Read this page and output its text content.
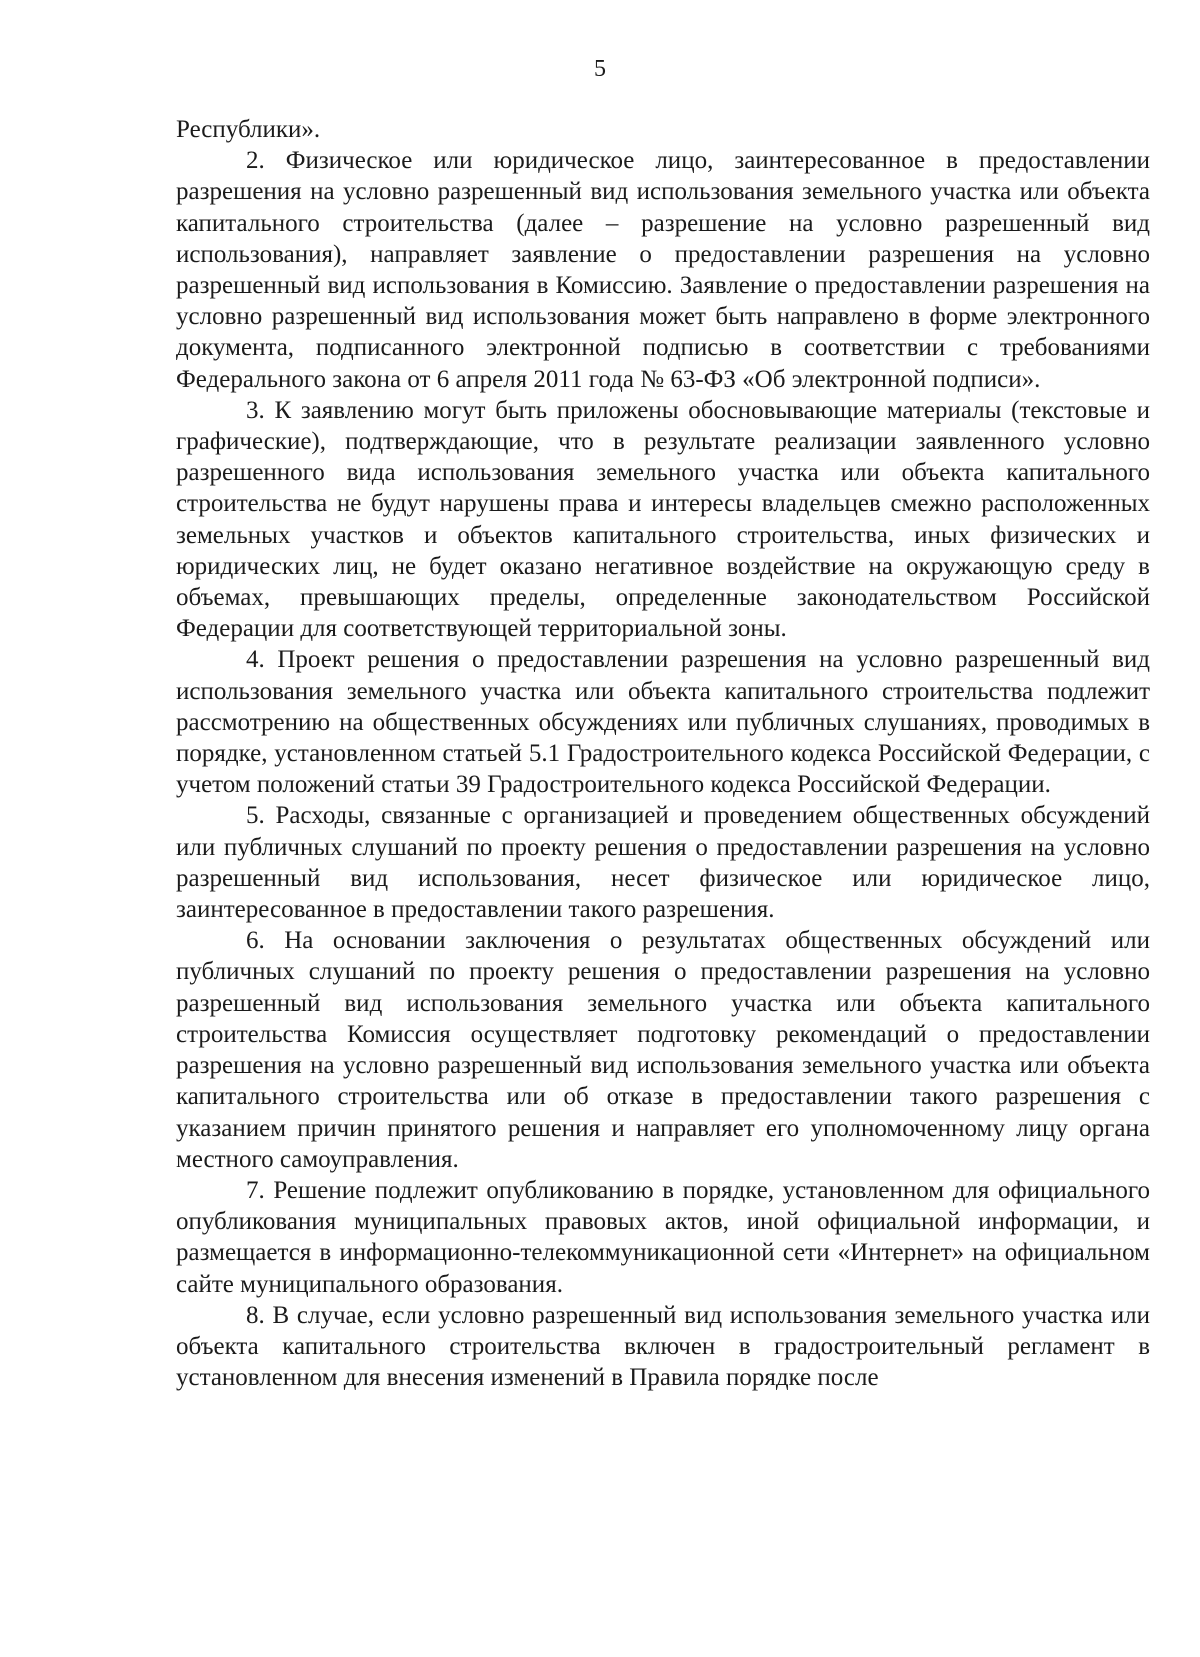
5

Республики».

2. Физическое или юридическое лицо, заинтересованное в предоставлении разрешения на условно разрешенный вид использования земельного участка или объекта капитального строительства (далее – разрешение на условно разрешенный вид использования), направляет заявление о предоставлении разрешения на условно разрешенный вид использования в Комиссию. Заявление о предоставлении разрешения на условно разрешенный вид использования может быть направлено в форме электронного документа, подписанного электронной подписью в соответствии с требованиями Федерального закона от 6 апреля 2011 года № 63-ФЗ «Об электронной подписи».

3. К заявлению могут быть приложены обосновывающие материалы (текстовые и графические), подтверждающие, что в результате реализации заявленного условно разрешенного вида использования земельного участка или объекта капитального строительства не будут нарушены права и интересы владельцев смежно расположенных земельных участков и объектов капитального строительства, иных физических и юридических лиц, не будет оказано негативное воздействие на окружающую среду в объемах, превышающих пределы, определенные законодательством Российской Федерации для соответствующей территориальной зоны.

4. Проект решения о предоставлении разрешения на условно разрешенный вид использования земельного участка или объекта капитального строительства подлежит рассмотрению на общественных обсуждениях или публичных слушаниях, проводимых в порядке, установленном статьей 5.1 Градостроительного кодекса Российской Федерации, с учетом положений статьи 39 Градостроительного кодекса Российской Федерации.

5. Расходы, связанные с организацией и проведением общественных обсуждений или публичных слушаний по проекту решения о предоставлении разрешения на условно разрешенный вид использования, несет физическое или юридическое лицо, заинтересованное в предоставлении такого разрешения.

6. На основании заключения о результатах общественных обсуждений или публичных слушаний по проекту решения о предоставлении разрешения на условно разрешенный вид использования земельного участка или объекта капитального строительства Комиссия осуществляет подготовку рекомендаций о предоставлении разрешения на условно разрешенный вид использования земельного участка или объекта капитального строительства или об отказе в предоставлении такого разрешения с указанием причин принятого решения и направляет его уполномоченному лицу органа местного самоуправления.

7. Решение подлежит опубликованию в порядке, установленном для официального опубликования муниципальных правовых актов, иной официальной информации, и размещается в информационно-телекоммуникационной сети «Интернет» на официальном сайте муниципального образования.

8. В случае, если условно разрешенный вид использования земельного участка или объекта капитального строительства включен в градостроительный регламент в установленном для внесения изменений в Правила порядке после
